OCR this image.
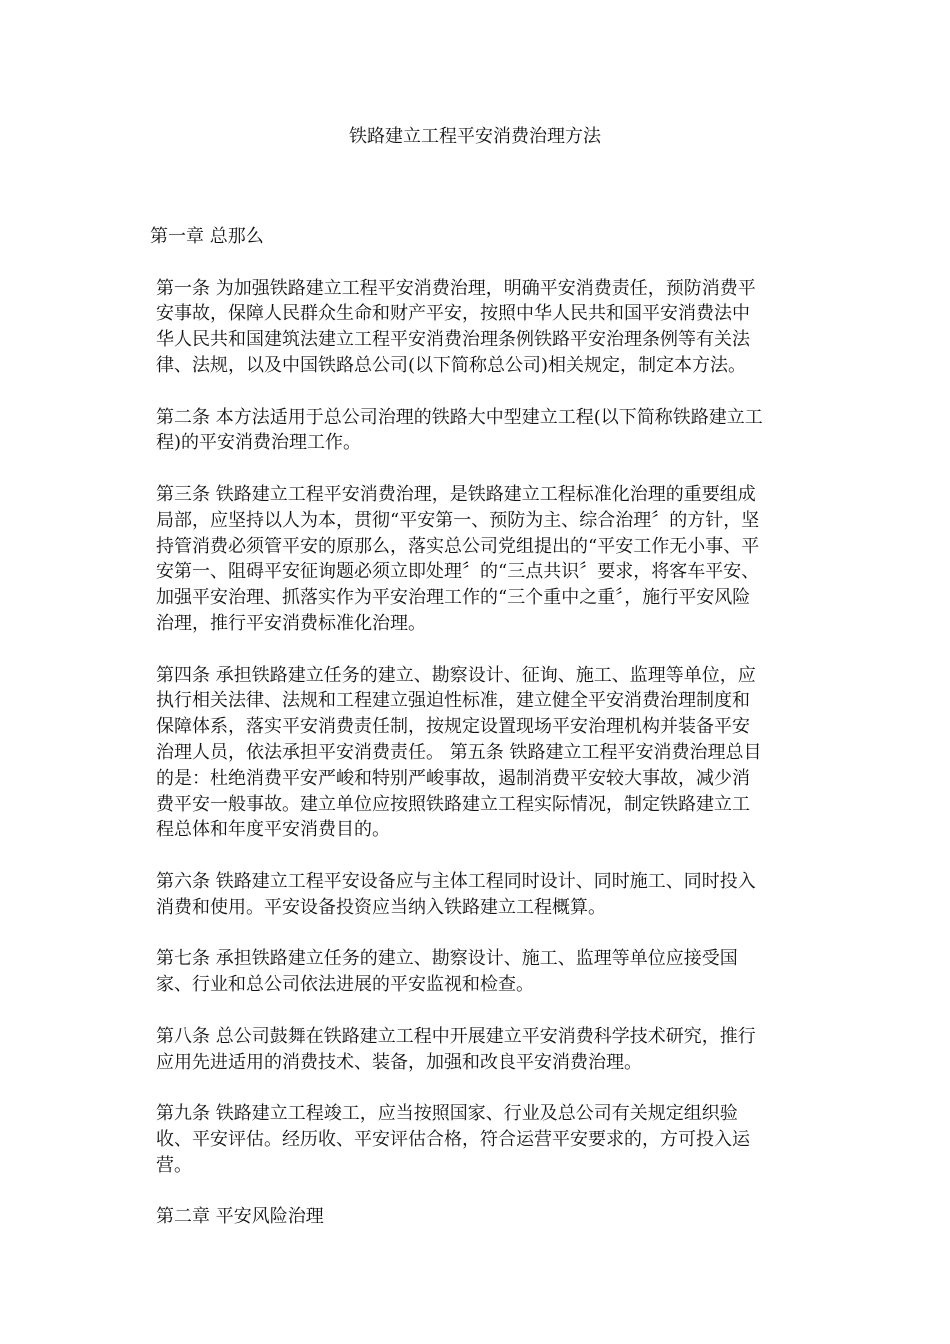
铁路建立工程平安消费治理方法
第一章 总那么
第一条 为加强铁路建立工程平安消费治理，明确平安消费责任，预防消费平
安事故，保障人民群众生命和财产平安，按照中华人民共和国平安消费法中
华人民共和国建筑法建立工程平安消费治理条例铁路平安治理条例等有关法
律、法规，以及中国铁路总公司(以下简称总公司)相关规定，制定本方法。
第二条 本方法适用于总公司治理的铁路大中型建立工程(以下简称铁路建立工
程)的平安消费治理工作。
第三条 铁路建立工程平安消费治理，是铁路建立工程标准化治理的重要组成
局部，应坚持以人为本，贯彻“平安第一、预防为主、综合治理〞的方针，坚
持管消费必须管平安的原那么，落实总公司党组提出的“平安工作无小事、平
安第一、阻碍平安征询题必须立即处理〞的“三点共识〞要求，将客车平安、
加强平安治理、抓落实作为平安治理工作的“三个重中之重〞，施行平安风险
治理，推行平安消费标准化治理。
第四条 承担铁路建立任务的建立、勘察设计、征询、施工、监理等单位，应
执行相关法律、法规和工程建立强迫性标准，建立健全平安消费治理制度和
保障体系，落实平安消费责任制，按规定设置现场平安治理机构并装备平安
治理人员，依法承担平安消费责任。 第五条 铁路建立工程平安消费治理总目
的是：杜绝消费平安严峻和特别严峻事故，遏制消费平安较大事故，减少消
费平安一般事故。建立单位应按照铁路建立工程实际情况，制定铁路建立工
程总体和年度平安消费目的。
第六条 铁路建立工程平安设备应与主体工程同时设计、同时施工、同时投入
消费和使用。平安设备投资应当纳入铁路建立工程概算。
第七条 承担铁路建立任务的建立、勘察设计、施工、监理等单位应接受国
家、行业和总公司依法进展的平安监视和检查。
第八条 总公司鼓舞在铁路建立工程中开展建立平安消费科学技术研究，推行
应用先进适用的消费技术、装备，加强和改良平安消费治理。
第九条 铁路建立工程竣工，应当按照国家、行业及总公司有关规定组织验
收、平安评估。经历收、平安评估合格，符合运营平安要求的，方可投入运
营。
第二章 平安风险治理
